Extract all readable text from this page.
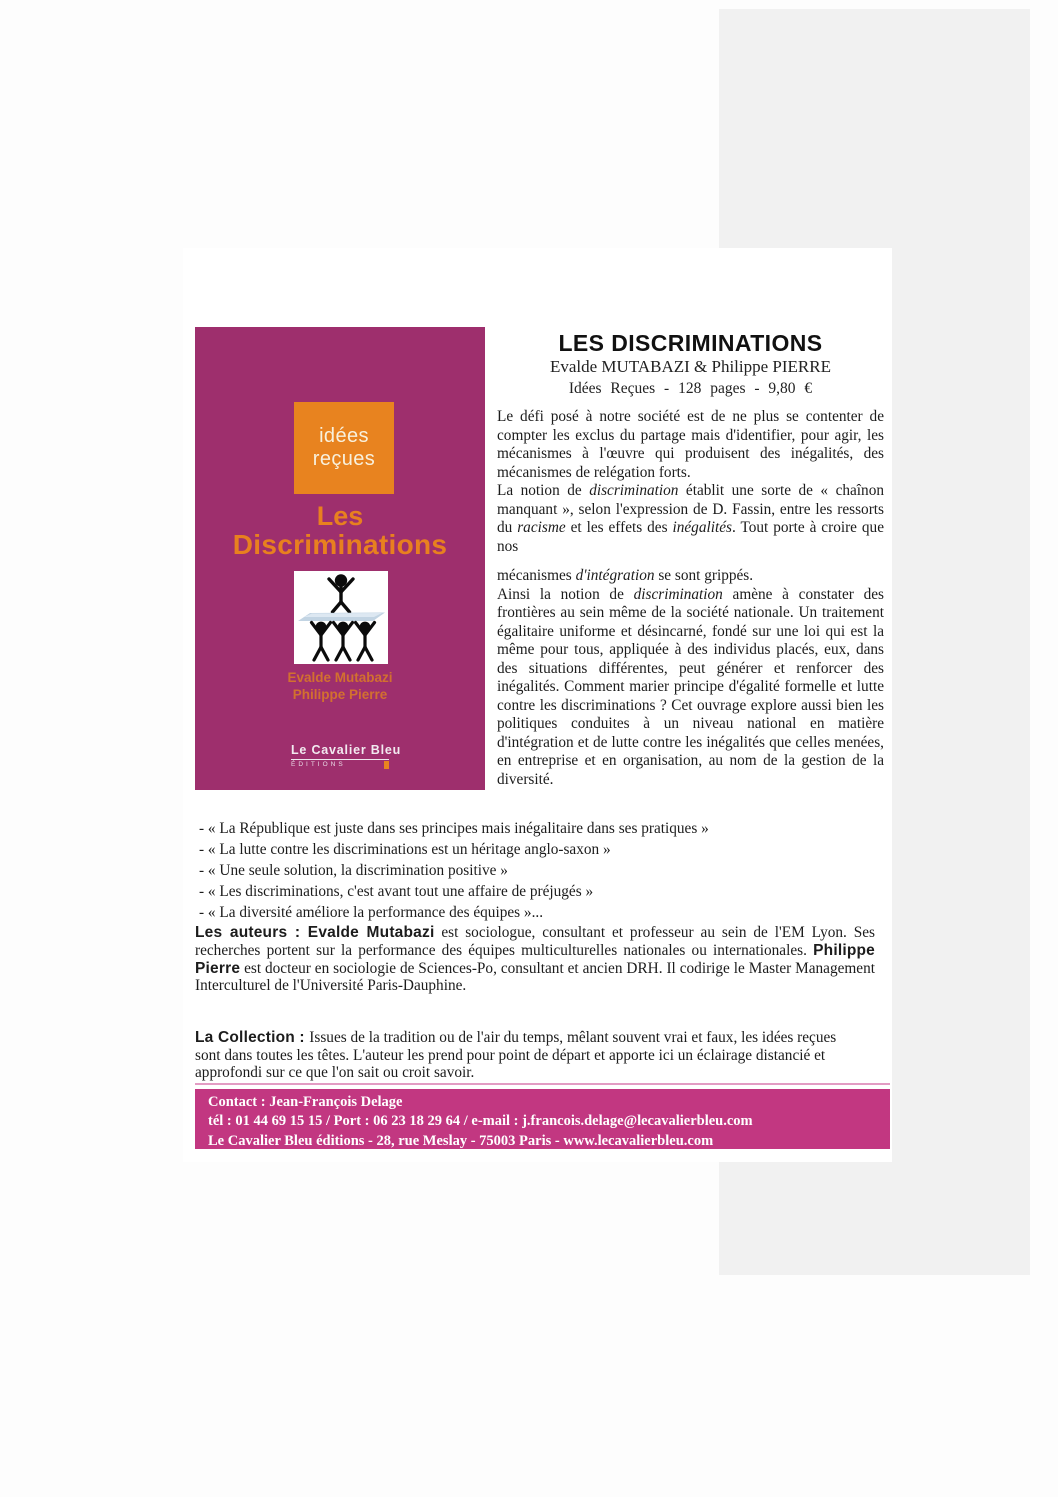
idées
reçues
Les
Discriminations
Evalde Mutabazi
Philippe Pierre
Le Cavalier Bleu
ÉDITIONS
LES DISCRIMINATIONS
Evalde MUTABAZI & Philippe PIERRE
Idées Reçues - 128 pages - 9,80 €

Le défi posé à notre société est de ne plus se contenter de compter les exclus du partage mais d'identifier, pour agir, les mécanismes à l'œuvre qui produisent des inégalités, des mécanismes de relégation forts.

La notion de discrimination établit une sorte de « chaînon manquant », selon l'expression de D. Fassin, entre les ressorts du racisme et les effets des inégalités. Tout porte à croire que nos

mécanismes d'intégration se sont grippés.

Ainsi la notion de discrimination amène à constater des frontières au sein même de la société nationale. Un traitement égalitaire uniforme et désincarné, fondé sur une loi qui est la même pour tous, appliquée à des individus placés, eux, dans des situations différentes, peut générer et renforcer des inégalités. Comment marier principe d'égalité formelle et lutte contre les discriminations ? Cet ouvrage explore aussi bien les politiques conduites à un niveau national en matière d'intégration et de lutte contre les inégalités que celles menées, en entreprise et en organisation, au nom de la gestion de la diversité.

- « La République est juste dans ses principes mais inégalitaire dans ses pratiques »
- « La lutte contre les discriminations est un héritage anglo-saxon »
- « Une seule solution, la discrimination positive »
- « Les discriminations, c'est avant tout une affaire de préjugés »
- « La diversité améliore la performance des équipes »...
Les auteurs : Evalde Mutabazi est sociologue, consultant et professeur au sein de l'EM Lyon. Ses recherches portent sur la performance des équipes multiculturelles nationales ou internationales. Philippe Pierre est docteur en sociologie de Sciences-Po, consultant et ancien DRH. Il codirige le Master Management Interculturel de l'Université Paris-Dauphine.
La Collection : Issues de la tradition ou de l'air du temps, mêlant souvent vrai et faux, les idées reçues sont dans toutes les têtes. L'auteur les prend pour point de départ et apporte ici un éclairage distancié et approfondi sur ce que l'on sait ou croit savoir.
Contact : Jean-François Delage
tél : 01 44 69 15 15 / Port : 06 23 18 29 64 / e-mail : j.francois.delage@lecavalierbleu.com
Le Cavalier Bleu éditions - 28, rue Meslay - 75003 Paris - www.lecavalierbleu.com
